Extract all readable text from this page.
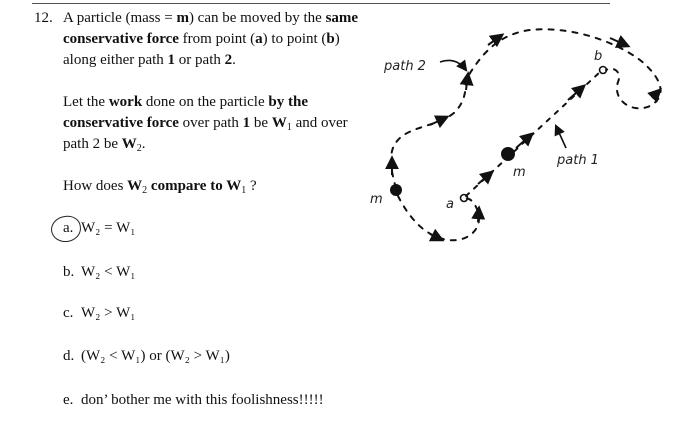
12. A particle (mass = m) can be moved by the same conservative force from point (a) to point (b) along either path 1 or path 2.
Let the work done on the particle by the conservative force over path 1 be $W_1$ and over path 2 be $W_2$.
How does $W_2$ compare to $W_1$ ?
a. W₂ = W₁
b. W₂ < W₁
c. W₂ > W₁
d. (W₂ < W₁) or (W₂ > W₁)
e. don’ bother me with this foolishness!!!!!
path 2
path 1
b
a
m
m
